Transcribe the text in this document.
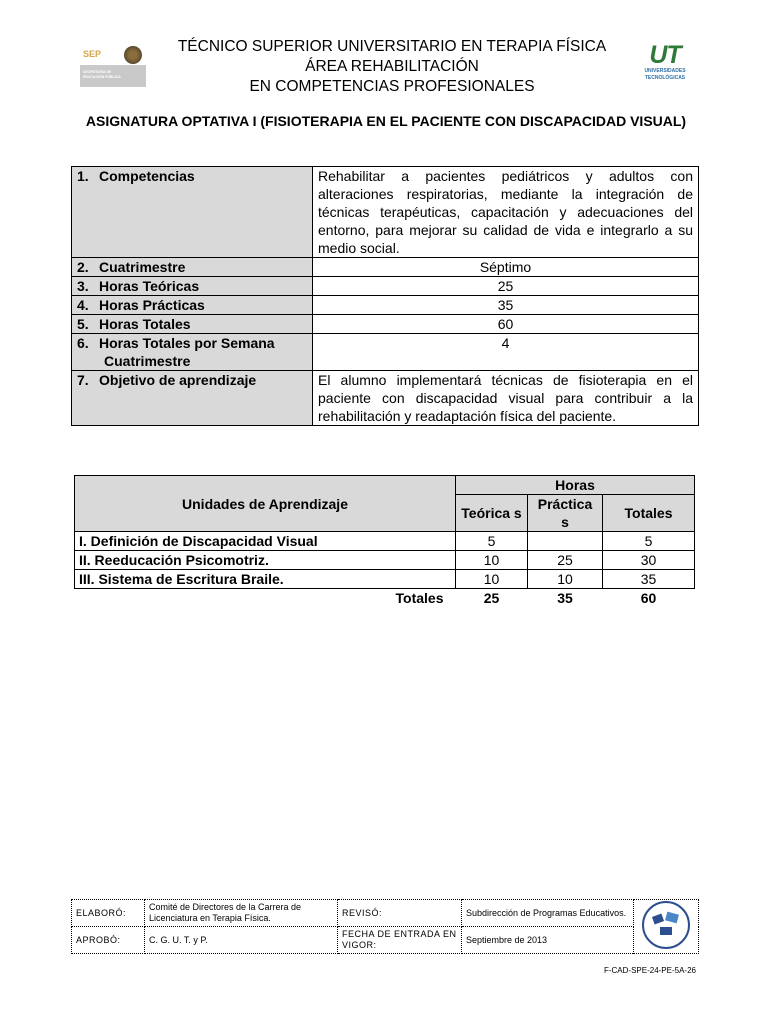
SEP
SECRETARÍA DE
EDUCACIÓN PÚBLICA
TÉCNICO SUPERIOR UNIVERSITARIO EN TERAPIA FÍSICA
ÁREA REHABILITACIÓN
EN COMPETENCIAS PROFESIONALES
UT
UNIVERSIDADES
TECNOLÓGICAS
ASIGNATURA OPTATIVA I (FISIOTERAPIA EN EL PACIENTE CON DISCAPACIDAD VISUAL)
1. Competencias	Rehabilitar a pacientes pediátricos y adultos con alteraciones respiratorias, mediante la integración de técnicas terapéuticas, capacitación y adecuaciones del entorno, para mejorar su calidad de vida e integrarlo a su medio social.
2. Cuatrimestre	Séptimo
3. Horas Teóricas	25
4. Horas Prácticas	35
5. Horas Totales	60
6. Horas Totales por Semana
Cuatrimestre	4
7. Objetivo de aprendizaje	El alumno implementará técnicas de fisioterapia en el paciente con discapacidad visual para contribuir a la rehabilitación y readaptación física del paciente.
Unidades de Aprendizaje	Horas		
	Teórica s	Práctica s	Totales
I. Definición de Discapacidad Visual	5		5
II. Reeducación Psicomotriz.	10	25	30
III. Sistema de Escritura Braile.	10	10	35
Totales	25	35	60
ELABORÓ:	Comité de Directores de la Carrera de Licenciatura en Terapia Física.	REVISÓ:	Subdirección de Programas Educativos.	

APROBÓ:	C. G. U. T. y P.	FECHA DE ENTRADA EN VIGOR:	Septiembre de 2013	
F-CAD-SPE-24-PE-5A-26
